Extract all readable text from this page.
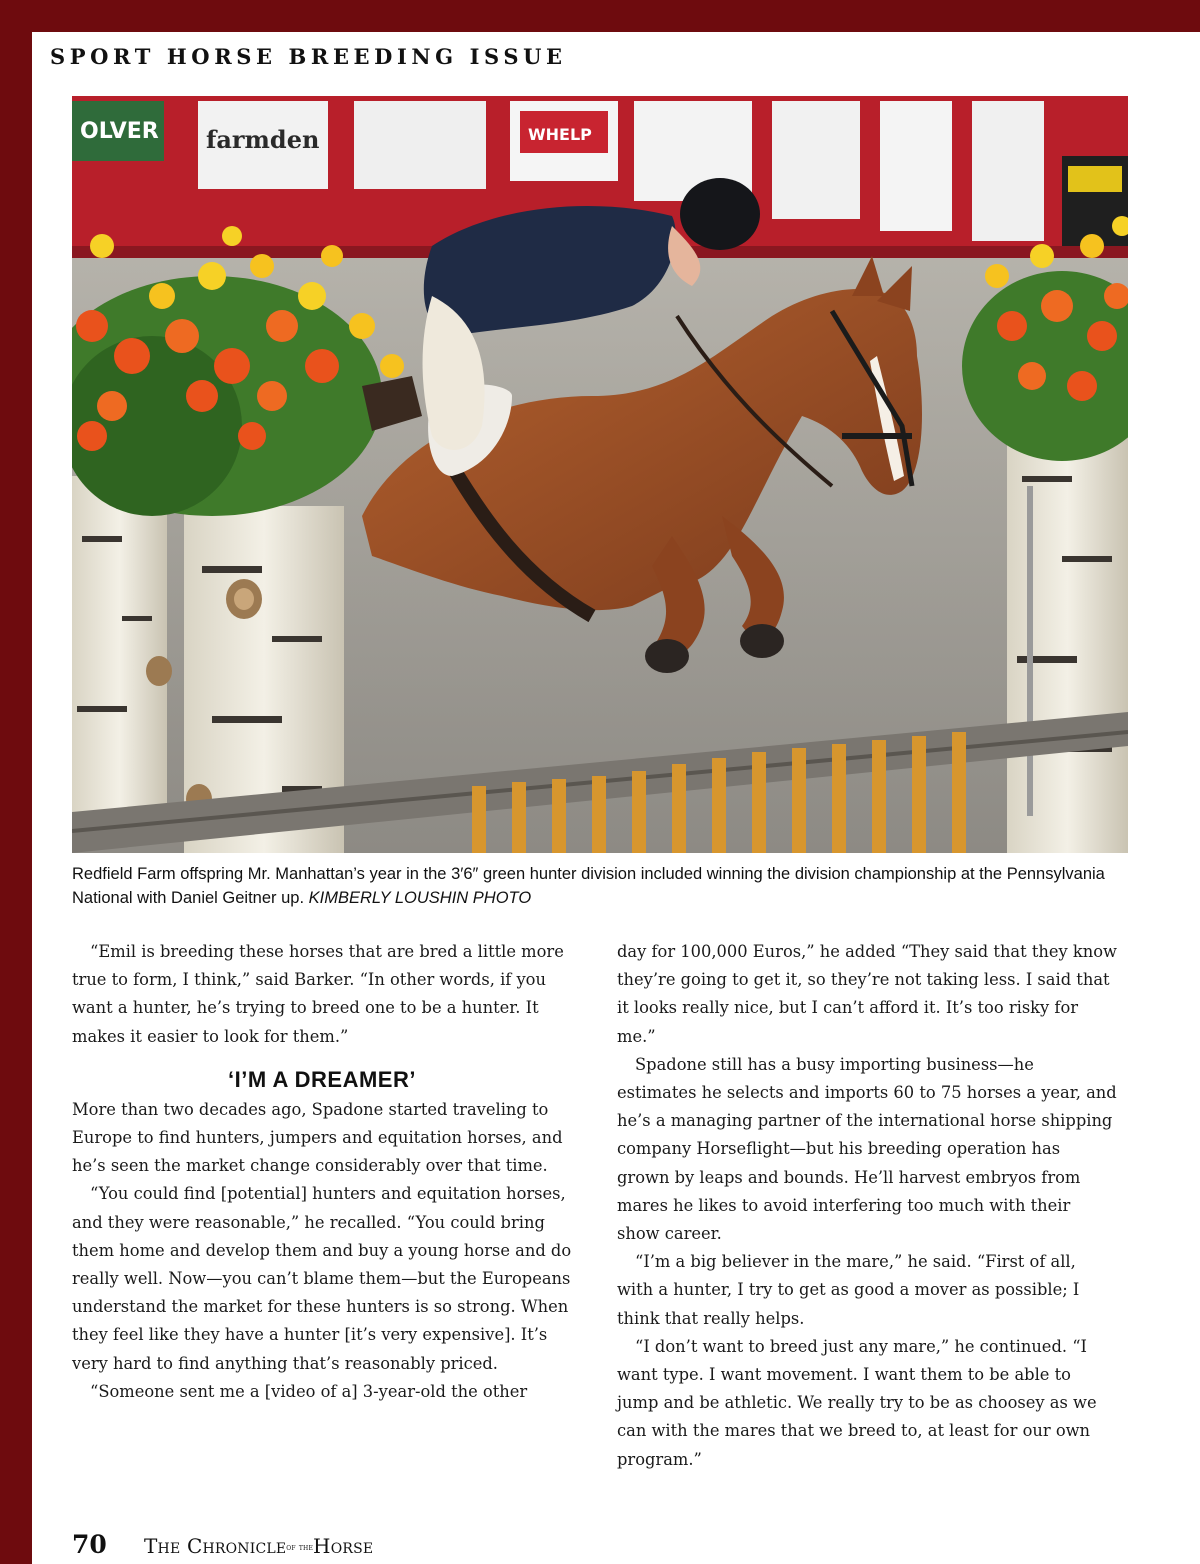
SPORT HORSE BREEDING ISSUE
OLVER farmden	WHELP
Redfield Farm offspring Mr. Manhattan’s year in the 3′6″ green hunter division included winning the division championship at the Pennsylvania National with Daniel Geitner up. KIMBERLY LOUSHIN PHOTO

“Emil is breeding these horses that are bred a little more true to form, I think,” said Barker. “In other words, if you want a hunter, he’s trying to breed one to be a hunter. It makes it easier to look for them.”

‘I’M A DREAMER’

More than two decades ago, Spadone started traveling to Europe to find hunters, jumpers and equitation horses, and he’s seen the market change considerably over that time.

“You could find [potential] hunters and equitation horses, and they were reasonable,” he recalled. “You could bring them home and develop them and buy a young horse and do really well. Now—you can’t blame them—but the Europeans understand the market for these hunters is so strong. When they feel like they have a hunter [it’s very expensive]. It’s very hard to find anything that’s reasonably priced.

“Someone sent me a [video of a] 3-year-old the other

day for 100,000 Euros,” he added “They said that they know they’re going to get it, so they’re not taking less. I said that it looks really nice, but I can’t afford it. It’s too risky for me.”

Spadone still has a busy importing business—he estimates he selects and imports 60 to 75 horses a year, and he’s a managing partner of the international horse shipping company Horseflight—but his breeding operation has grown by leaps and bounds. He’ll harvest embryos from mares he likes to avoid interfering too much with their show career.

“I’m a big believer in the mare,” he said. “First of all, with a hunter, I try to get as good a mover as possible; I think that really helps.

“I don’t want to breed just any mare,” he continued. “I want type. I want movement. I want them to be able to jump and be athletic. We really try to be as choosey as we can with the mares that we breed to, at least for our own program.”

70 The Chronicleof theHorse
